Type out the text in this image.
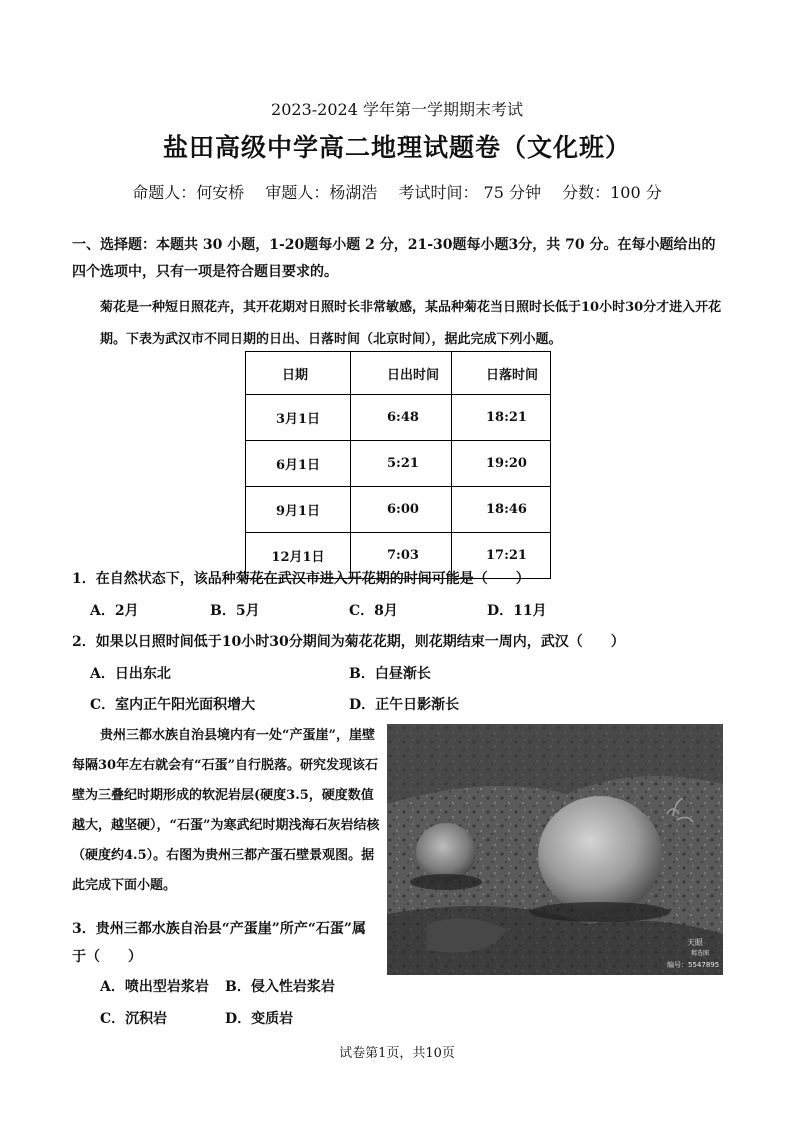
2023-2024 学年第一学期期末考试
盐田高级中学高二地理试题卷（文化班）
命题人：何安桥 审题人：杨湖浩 考试时间： 75 分钟 分数：100 分
一、选择题：本题共 30 小题，1-20题每小题 2 分，21-30题每小题3分，共 70 分。在每小题给出的四个选项中，只有一项是符合题目要求的。
菊花是一种短日照花卉，其开花期对日照时长非常敏感，某品种菊花当日照时长低于10小时30分才进入开花期。下表为武汉市不同日期的日出、日落时间（北京时间），据此完成下列小题。
日期	日出时间	日落时间
3月1日	6:48	18:21
6月1日	5:21	19:20
9月1日	6:00	18:46
12月1日	7:03	17:21
1．在自然状态下，该品种菊花在武汉市进入开花期的时间可能是（　　）
A．2月	B．5月	C．8月	D．11月
2．如果以日照时间低于10小时30分期间为菊花花期，则花期结束一周内，武汉（　　）
A．日出东北	B．白昼渐长
C．室内正午阳光面积增大	D．正午日影渐长
贵州三都水族自治县境内有一处“产蛋崖”，崖壁每隔30年左右就会有“石蛋”自行脱落。研究发现该石壁为三叠纪时期形成的软泥岩层(硬度3.5，硬度数值越大，越坚硬），“石蛋”为寒武纪时期浅海石灰岩结核（硬度约4.5）。右图为贵州三都产蛋石壁景观图。据此完成下面小题。
天眼
精选图
编号：5547895
3．贵州三都水族自治县“产蛋崖”所产“石蛋”属于（　　）
A．喷出型岩浆岩 B．侵入性岩浆岩
C．沉积岩	D．变质岩
试卷第1页，共10页
